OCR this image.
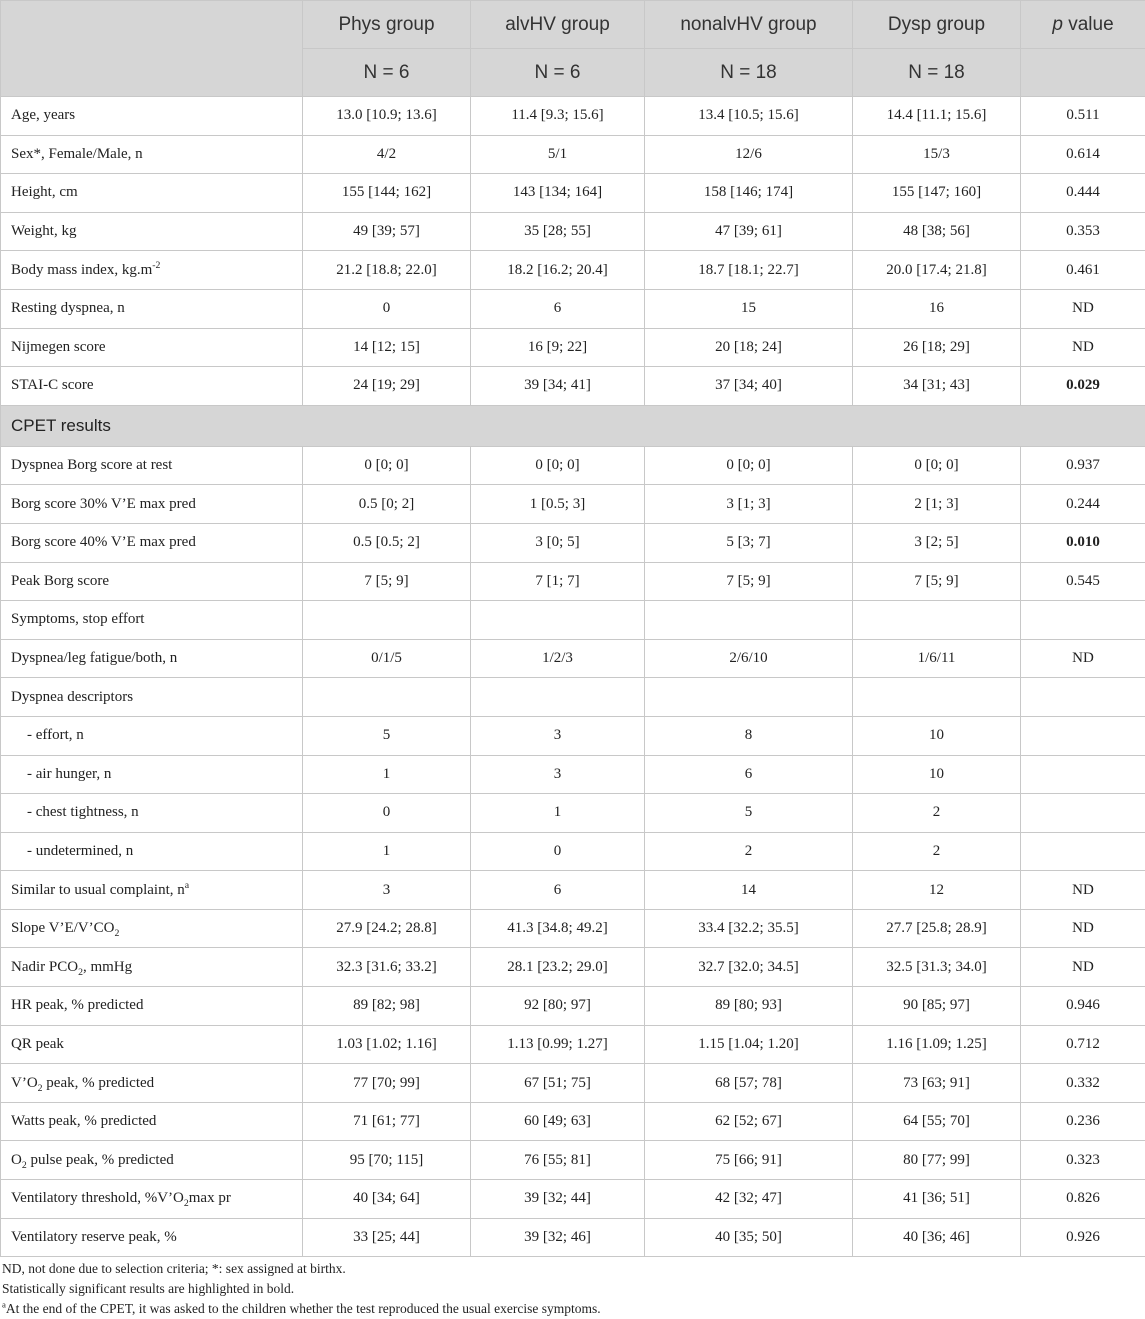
	Phys group	alvHV group	nonalvHV group	Dysp group	p value
	N = 6	N = 6	N = 18	N = 18	
Age, years	13.0 [10.9; 13.6]	11.4 [9.3; 15.6]	13.4 [10.5; 15.6]	14.4 [11.1; 15.6]	0.511
Sex*, Female/Male, n	4/2	5/1	12/6	15/3	0.614
Height, cm	155 [144; 162]	143 [134; 164]	158 [146; 174]	155 [147; 160]	0.444
Weight, kg	49 [39; 57]	35 [28; 55]	47 [39; 61]	48 [38; 56]	0.353
Body mass index, $kg.m^{-2}$	21.2 [18.8; 22.0]	18.2 [16.2; 20.4]	18.7 [18.1; 22.7]	20.0 [17.4; 21.8]	0.461
Resting dyspnea, n	0	6	15	16	ND
Nijmegen score	14 [12; 15]	16 [9; 22]	20 [18; 24]	26 [18; 29]	ND
STAI-C score	24 [19; 29]	39 [34; 41]	37 [34; 40]	34 [31; 43]	0.029
CPET results					
Dyspnea Borg score at rest	0 [0; 0]	0 [0; 0]	0 [0; 0]	0 [0; 0]	0.937
Borg score 30% V’E max pred	0.5 [0; 2]	1 [0.5; 3]	3 [1; 3]	2 [1; 3]	0.244
Borg score 40% V’E max pred	0.5 [0.5; 2]	3 [0; 5]	5 [3; 7]	3 [2; 5]	0.010
Peak Borg score	7 [5; 9]	7 [1; 7]	7 [5; 9]	7 [5; 9]	0.545
Symptoms, stop effort					
Dyspnea/leg fatigue/both, n	0/1/5	1/2/3	2/6/10	1/6/11	ND
Dyspnea descriptors					
- effort, n	5	3	8	10	
- air hunger, n	1	3	6	10	
- chest tightness, n	0	1	5	2	
- undetermined, n	1	0	2	2	
Similar to usual complaint, $n^a$	3	6	14	12	ND
Slope $V’E/V’CO_2$	27.9 [24.2; 28.8]	41.3 [34.8; 49.2]	33.4 [32.2; 35.5]	27.7 [25.8; 28.9]	ND
Nadir $PCO_2$, mmHg	32.3 [31.6; 33.2]	28.1 [23.2; 29.0]	32.7 [32.0; 34.5]	32.5 [31.3; 34.0]	ND
HR peak, % predicted	89 [82; 98]	92 [80; 97]	89 [80; 93]	90 [85; 97]	0.946
QR peak	1.03 [1.02; 1.16]	1.13 [0.99; 1.27]	1.15 [1.04; 1.20]	1.16 [1.09; 1.25]	0.712
$V’O_2$ peak, % predicted	77 [70; 99]	67 [51; 75]	68 [57; 78]	73 [63; 91]	0.332
Watts peak, % predicted	71 [61; 77]	60 [49; 63]	62 [52; 67]	64 [55; 70]	0.236
$O_2$ pulse peak, % predicted	95 [70; 115]	76 [55; 81]	75 [66; 91]	80 [77; 99]	0.323
Ventilatory threshold, $\%V’O_2\max$ pr	40 [34; 64]	39 [32; 44]	42 [32; 47]	41 [36; 51]	0.826
Ventilatory reserve peak, %	33 [25; 44]	39 [32; 46]	40 [35; 50]	40 [36; 46]	0.926
ND, not done due to selection criteria; *: sex assigned at birthx.
Statistically significant results are highlighted in bold.
$^a$At the end of the CPET, it was asked to the children whether the test reproduced the usual exercise symptoms.
